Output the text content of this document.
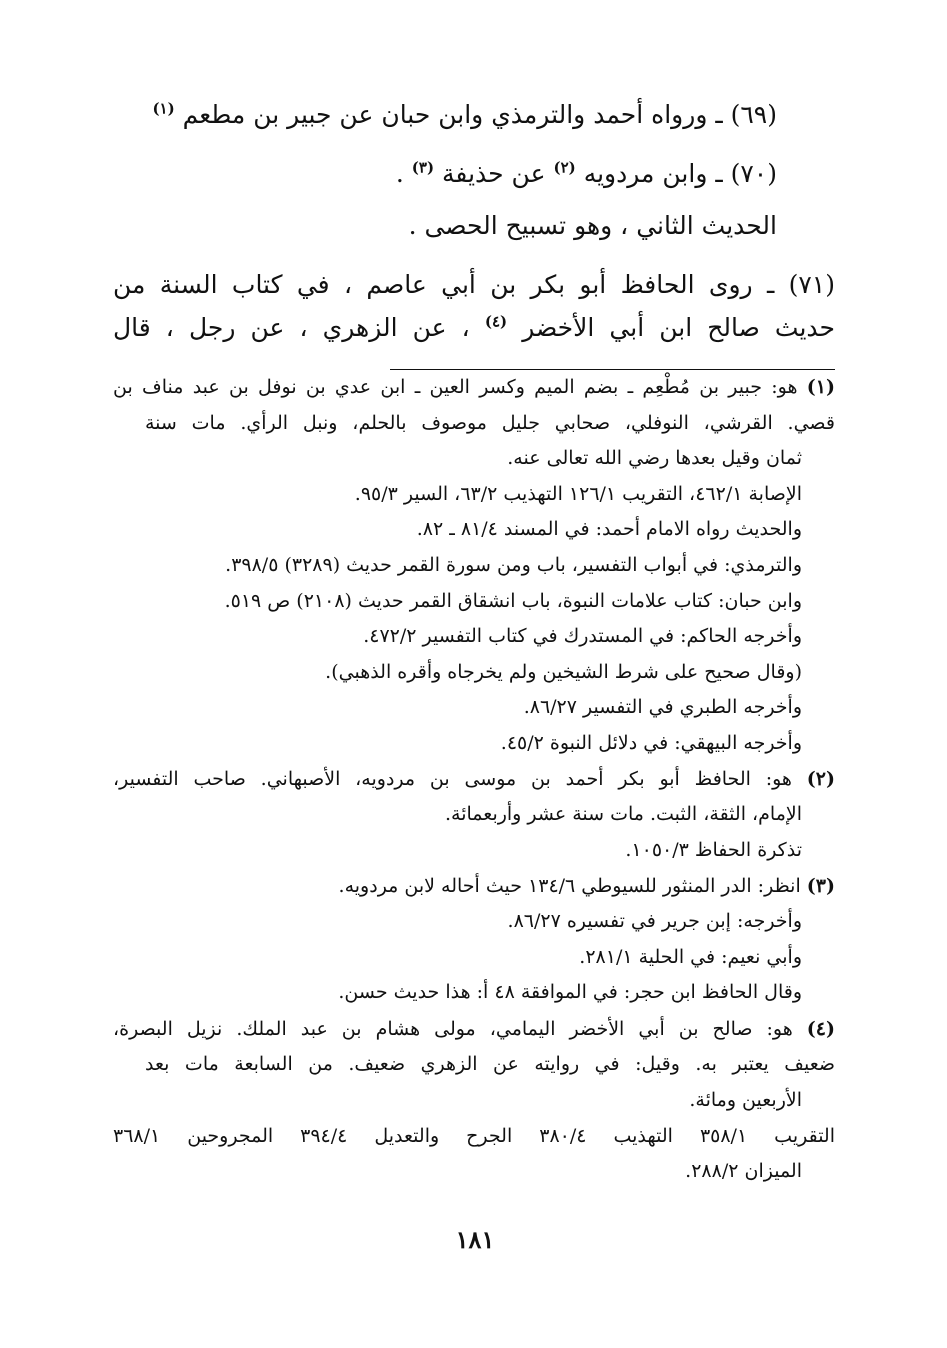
(٦٩) ـ ورواه أحمد والترمذي وابن حبان عن جبير بن مطعم $^{(١)}$
(٧٠) ـ وابن مردويه $^{(٢)}$ عن حذيفة $^{(٣)}$ .
الحديث الثاني ، وهو تسبيح الحصى .
(٧١) ـ روى الحافظ أبو بكر بن أبي عاصم ، في كتاب السنة من
حديث صالح ابن أبي الأخضر $^{(٤)}$ ، عن الزهري ، عن رجل ، قال
(١) هو: جبير بن مُطْعِم ـ بضم الميم وكسر العين ـ ابن عدي بن نوفل بن عبد مناف بن
قصي. القرشي، النوفلي، صحابي جليل موصوف بالحلم، ونبل الرأي. مات سنة
ثمان وقيل بعدها رضي الله تعالى عنه.
الإصابة ٤٦٢/١، التقريب ١٢٦/١ التهذيب ٦٣/٢، السير ٩٥/٣.
والحديث رواه الامام أحمد: في المسند ٨١/٤ ـ ٨٢.
والترمذي: في أبواب التفسير، باب ومن سورة القمر حديث (٣٢٨٩) ٣٩٨/٥.
وابن حبان: كتاب علامات النبوة، باب انشقاق القمر حديث (٢١٠٨) ص ٥١٩.
وأخرجه الحاكم: في المستدرك في كتاب التفسير ٤٧٢/٢.
(وقال صحيح على شرط الشيخين ولم يخرجاه وأقره الذهبي).
وأخرجه الطبري في التفسير ٨٦/٢٧.
وأخرجه البيهقي: في دلائل النبوة ٤٥/٢.
(٢) هو: الحافظ أبو بكر أحمد بن موسى بن مردويه، الأصبهاني. صاحب التفسير،
الإمام، الثقة، الثبت. مات سنة عشر وأربعمائة.
تذكرة الحفاظ ١٠٥٠/٣.
(٣) انظر: الدر المنثور للسيوطي ١٣٤/٦ حيث أحاله لابن مردويه.
وأخرجه: إبن جرير في تفسيره ٨٦/٢٧.
وأبي نعيم: في الحلية ٢٨١/١.
وقال الحافظ ابن حجر: في الموافقة ٤٨ أ: هذا حديث حسن.
(٤) هو: صالح بن أبي الأخضر اليمامي، مولى هشام بن عبد الملك. نزيل البصرة،
ضعيف يعتبر به. وقيل: في روايته عن الزهري ضعيف. من السابعة مات بعد
الأربعين ومائة.
التقريب ٣٥٨/١ التهذيب ٣٨٠/٤ الجرح والتعديل ٣٩٤/٤ المجروحين ٣٦٨/١
الميزان ٢٨٨/٢.
١٨١
